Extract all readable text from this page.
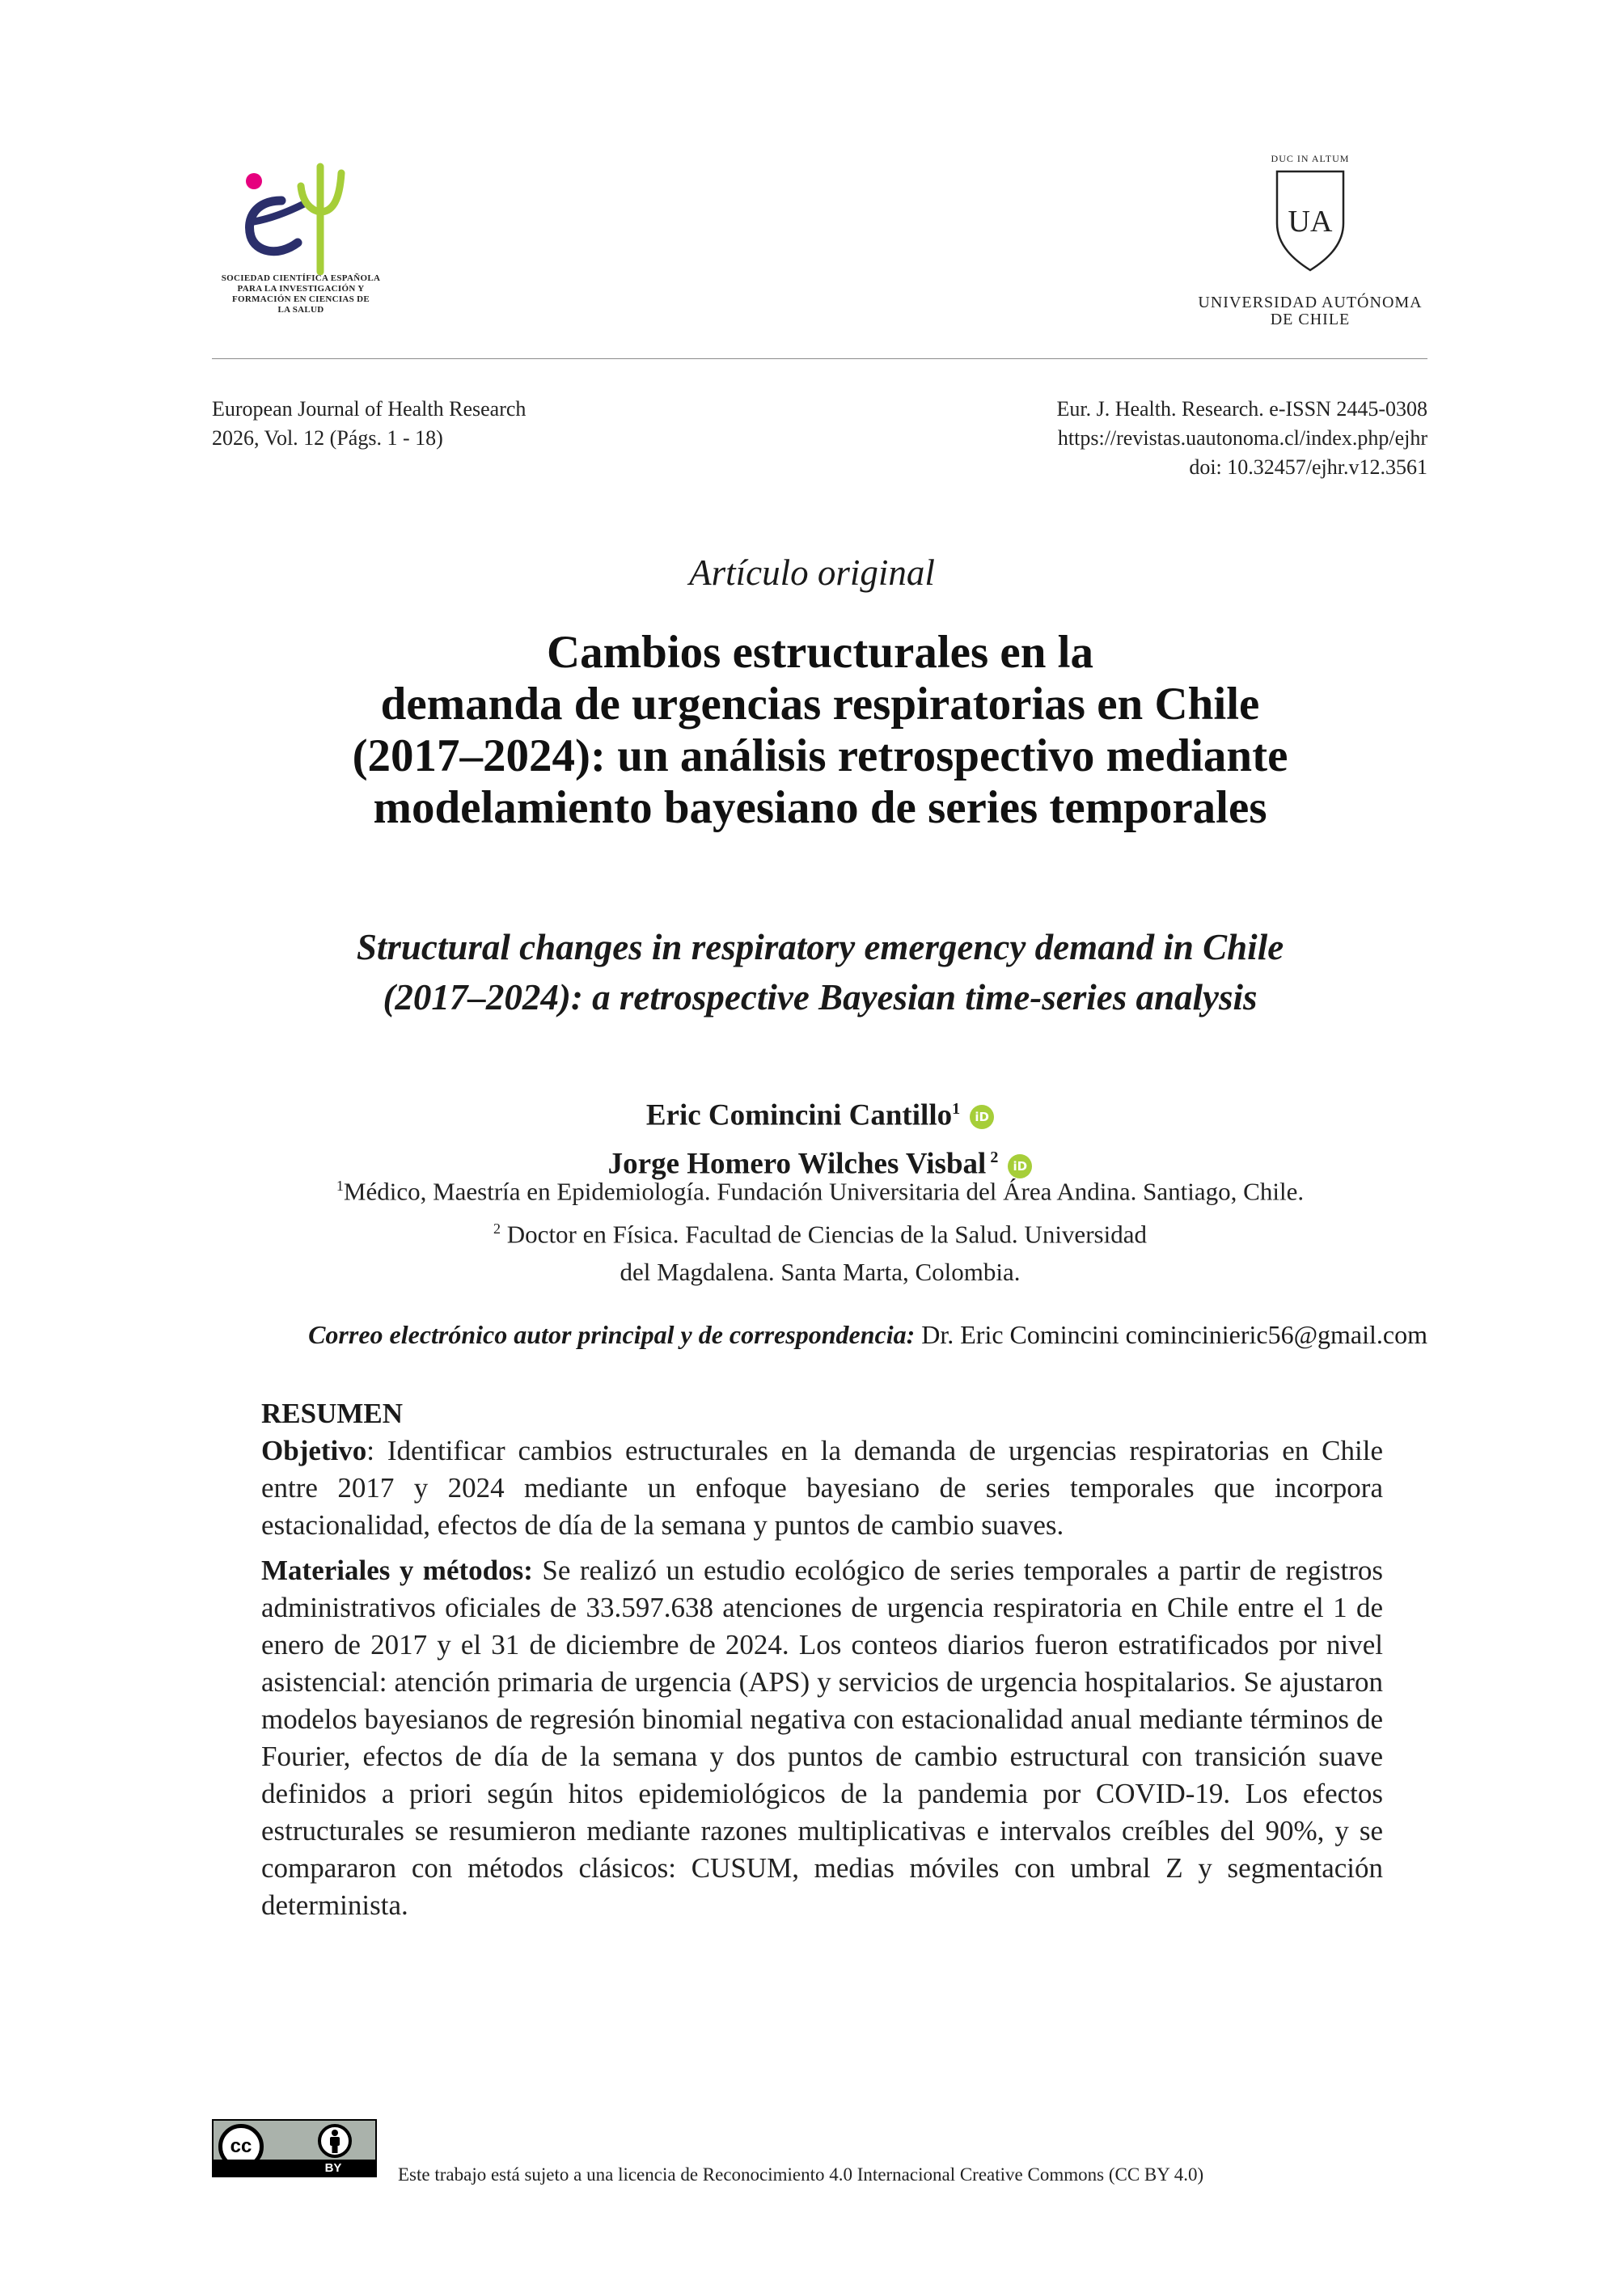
SOCIEDAD CIENTÍFICA ESPAÑOLA
PARA LA INVESTIGACIÓN Y
FORMACIÓN EN CIENCIAS DE
LA SALUD
DUC IN ALTUM
UA
UNIVERSIDAD AUTÓNOMA
DE CHILE
European Journal of Health Research
2026, Vol. 12 (Págs. 1 - 18)
Eur. J. Health. Research. e-ISSN 2445-0308
https://revistas.uautonoma.cl/index.php/ejhr
doi: 10.32457/ejhr.v12.3561
Artículo original
Cambios estructurales en la
demanda de urgencias respiratorias en Chile
(2017–2024): un análisis retrospectivo mediante
modelamiento bayesiano de series temporales
Structural changes in respiratory emergency demand in Chile
(2017–2024): a retrospective Bayesian time-series analysis
Eric Comincini Cantillo$^1$ iD
Jorge Homero Wilches Visbal $^2$ iD
$^1$Médico, Maestría en Epidemiología. Fundación Universitaria del Área Andina. Santiago, Chile.
$^2$ Doctor en Física. Facultad de Ciencias de la Salud. Universidad
del Magdalena. Santa Marta, Colombia.
Correo electrónico autor principal y de correspondencia: Dr. Eric Comincini comincinieric56@gmail.com
RESUMEN

Objetivo: Identificar cambios estructurales en la demanda de urgencias respiratorias en Chile entre 2017 y 2024 mediante un enfoque bayesiano de series temporales que incorpora estacionalidad, efectos de día de la semana y puntos de cambio suaves.

Materiales y métodos: Se realizó un estudio ecológico de series temporales a partir de registros administrativos oficiales de 33.597.638 atenciones de urgencia respiratoria en Chile entre el 1 de enero de 2017 y el 31 de diciembre de 2024. Los conteos diarios fueron estratificados por nivel asistencial: atención primaria de urgencia (APS) y servicios de urgencia hospitalarios. Se ajustaron modelos bayesianos de regresión binomial negativa con estacionalidad anual mediante términos de Fourier, efectos de día de la semana y dos puntos de cambio estructural con transición suave definidos a priori según hitos epidemiológicos de la pandemia por COVID-19. Los efectos estructurales se resumieron mediante razones multiplicativas e intervalos creíbles del 90%, y se compararon con métodos clásicos: CUSUM, medias móviles con umbral Z y segmentación determinista.

cc
BY	Este trabajo está sujeto a una licencia de Reconocimiento 4.0 Internacional Creative Commons (CC BY 4.0)
